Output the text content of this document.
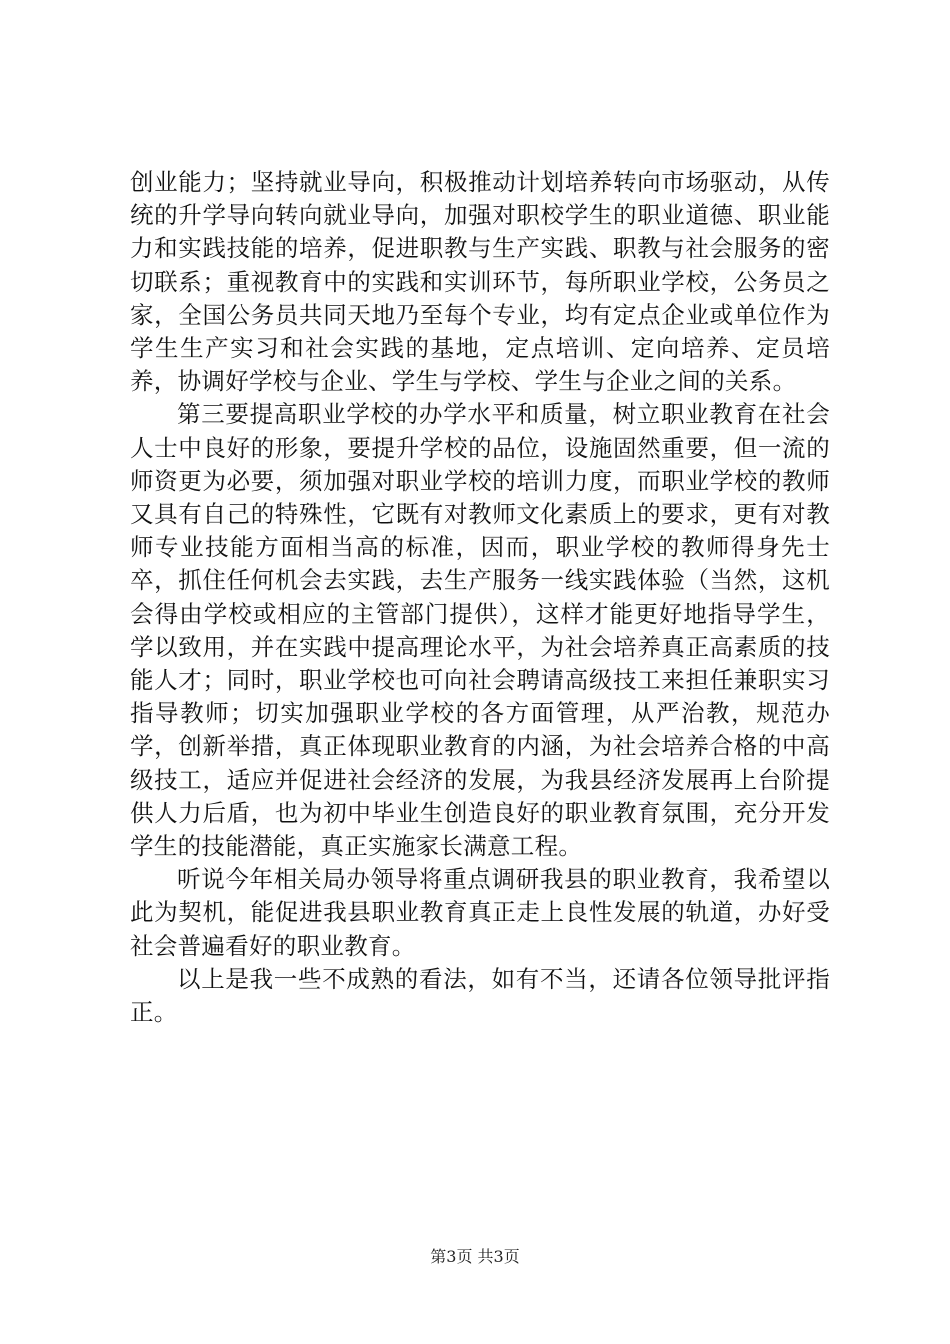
创业能力；坚持就业导向，积极推动计划培养转向市场驱动，从传统的升学导向转向就业导向，加强对职校学生的职业道德、职业能力和实践技能的培养，促进职教与生产实践、职教与社会服务的密切联系；重视教育中的实践和实训环节，每所职业学校，公务员之家，全国公务员共同天地乃至每个专业，均有定点企业或单位作为学生生产实习和社会实践的基地，定点培训、定向培养、定员培养，协调好学校与企业、学生与学校、学生与企业之间的关系。

第三要提高职业学校的办学水平和质量，树立职业教育在社会人士中良好的形象，要提升学校的品位，设施固然重要，但一流的师资更为必要，须加强对职业学校的培训力度，而职业学校的教师又具有自己的特殊性，它既有对教师文化素质上的要求，更有对教师专业技能方面相当高的标准，因而，职业学校的教师得身先士卒，抓住任何机会去实践，去生产服务一线实践体验（当然，这机会得由学校或相应的主管部门提供），这样才能更好地指导学生，学以致用，并在实践中提高理论水平，为社会培养真正高素质的技能人才；同时，职业学校也可向社会聘请高级技工来担任兼职实习指导教师；切实加强职业学校的各方面管理，从严治教，规范办学，创新举措，真正体现职业教育的内涵，为社会培养合格的中高级技工，适应并促进社会经济的发展，为我县经济发展再上台阶提供人力后盾，也为初中毕业生创造良好的职业教育氛围，充分开发学生的技能潜能，真正实施家长满意工程。

听说今年相关局办领导将重点调研我县的职业教育，我希望以此为契机，能促进我县职业教育真正走上良性发展的轨道，办好受社会普遍看好的职业教育。

以上是我一些不成熟的看法，如有不当，还请各位领导批评指正。

第3页 共3页
